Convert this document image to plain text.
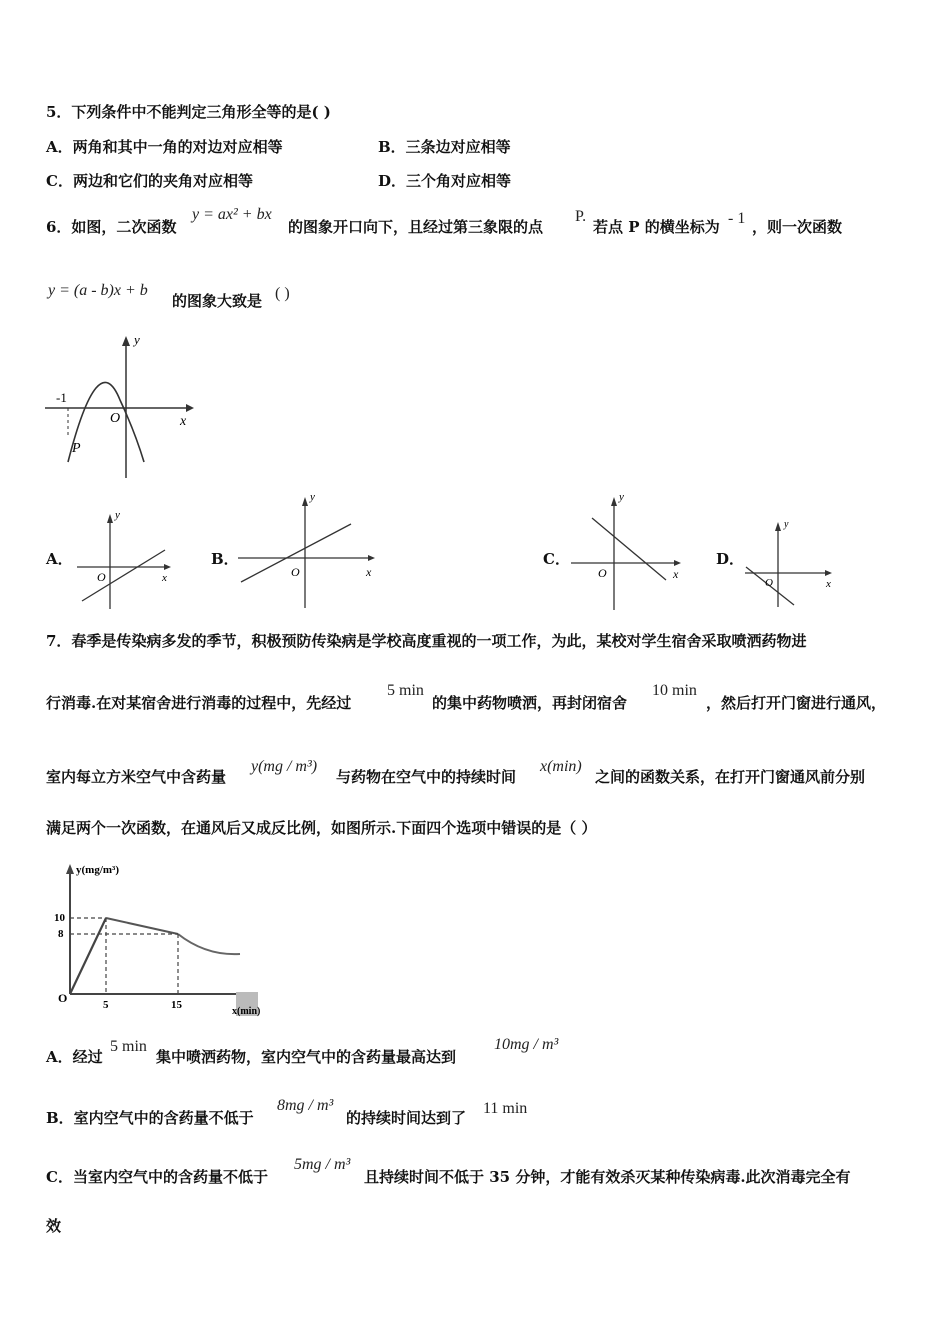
5．下列条件中不能判定三角形全等的是( )
A．两角和其中一角的对边对应相等	B．三条边对应相等
C．两边和它们的夹角对应相等	D．三个角对应相等
6．如图，二次函数
y = ax² + bx
的图象开口向下，且经过第三象限的点
P.
若点 P 的横坐标为 - 1 ，则一次函数
y = (a - b)x + b
的图象大致是 ( )
y
x
O
-1
P
A．
y
x
O
B．
y
x
O
C．
y
x
O
D．
y
x
O
7．春季是传染病多发的季节，积极预防传染病是学校高度重视的一项工作，为此，某校对学生宿舍采取喷洒药物进
行消毒.在对某宿舍进行消毒的过程中，先经过
5 min
的集中药物喷洒，再封闭宿舍
10 min
，然后打开门窗进行通风，
室内每立方米空气中含药量
y(mg / m³)
与药物在空气中的持续时间
x(min)
之间的函数关系，在打开门窗通风前分别
满足两个一次函数，在通风后又成反比例，如图所示.下面四个选项中错误的是（ ）
y(mg/m³)
x(min)
10
8
5	15
O
A．经过
5 min
集中喷洒药物，室内空气中的含药量最高达到
10mg / m³
B．室内空气中的含药量不低于
8mg / m³
的持续时间达到了
11 min
C．当室内空气中的含药量不低于
5mg / m³
且持续时间不低于 35 分钟，才能有效杀灭某种传染病毒.此次消毒完全有
效
